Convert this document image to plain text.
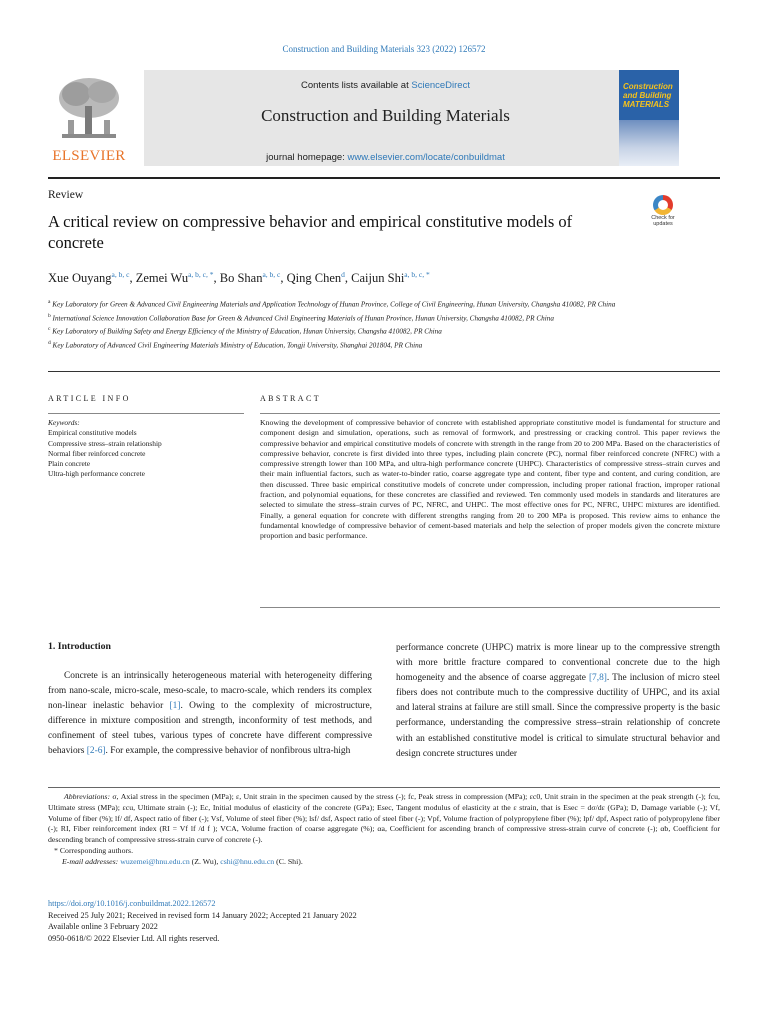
Construction and Building Materials 323 (2022) 126572
ELSEVIER
Contents lists available at ScienceDirect
Construction and Building Materials
journal homepage: www.elsevier.com/locate/conbuildmat
Construction
and Building
MATERIALS
Review
A critical review on compressive behavior and empirical constitutive models of concrete
Check for updates
Xue Ouyang$^{a, b, c}$, Zemei $Wu^{a, b, c, *}$, Bo Shan$^{a, b, c}$, Qing Chen$^d$, Caijun Shi$^{a, b, c, *}$
$^a$ Key Laboratory for Green & Advanced Civil Engineering Materials and Application Technology of Hunan Province, College of Civil Engineering, Hunan University, Changsha 410082, PR China
$^b$ International Science Innovation Collaboration Base for Green & Advanced Civil Engineering Materials of Hunan Province, Hunan University, Changsha 410082, PR China
$^c$ Key Laboratory of Building Safety and Energy Efficiency of the Ministry of Education, Hunan University, Changsha 410082, PR China
$^d$ Key Laboratory of Advanced Civil Engineering Materials Ministry of Education, Tongji University, Shanghai 201804, PR China
ARTICLE INFO	ABSTRACT
Keywords:
Empirical constitutive models
Compressive stress–strain relationship
Normal fiber reinforced concrete
Plain concrete
Ultra-high performance concrete
Knowing the development of compressive behavior of concrete with established appropriate constitutive model is fundamental for structure and component design and simulation, operations, such as removal of formwork, and prestressing or cracking control. This paper reviews the compressive behavior and empirical constitutive models of concrete with strength in the range from 20 to 200 MPa. Based on the characteristics of compressive behavior, concrete is first divided into three types, including plain concrete (PC), normal fiber reinforced concrete (NFRC) with a compressive strength lower than 100 MPa, and ultra-high performance concrete (UHPC). Characteristics of compressive stress–strain curves and their main influential factors, such as water-to-binder ratio, coarse aggregate type and content, fiber type and content, and curing condition, are then discussed. Three basic empirical constitutive models of concrete under compression, including proper rational fraction, improper rational fraction, and polynomial equations, for these concretes are classified and reviewed. Ten commonly used models in standards and literatures are selected to simulate the stress–strain curves of PC, NFRC, and UHPC. The most effective ones for PC, NFRC, UHPC mixtures are identified. Finally, a general equation for concrete with different strengths ranging from 20 to 200 MPa is proposed. This review aims to enhance the fundamental knowledge of compressive behavior of cement-based materials and help the selection of proper models given the concrete mixture proportion and basic performance.
1. Introduction
Concrete is an intrinsically heterogeneous material with heterogeneity differing from nano-scale, micro-scale, meso-scale, to macro-scale, which renders its complex non-linear inelastic behavior [1]. Owing to the complexity of microstructure, difference in mixture composition and strength, inconformity of test methods, and confinement of steel tubes, various types of concrete have different compressive behaviors [2-6]. For example, the compressive behavior of nonfibrous ultra-high
performance concrete (UHPC) matrix is more linear up to the compressive strength with more brittle fracture compared to conventional concrete due to the high homogeneity and the absence of coarse aggregate [7,8]. The inclusion of micro steel fibers does not contribute much to the compressive ductility of UHPC, and its axial and lateral strains at failure are still small. Since the compressive property is the basic performance, understanding the compressive stress–strain relationship of concrete with an established constitutive model is critical to simulate structural behavior and design concrete structures under

Abbreviations: σ, Axial stress in the specimen (MPa); ε, Unit strain in the specimen caused by the stress (-); fc, Peak stress in compression (MPa); εc0, Unit strain in the specimen at the peak strength (-); fcu, Ultimate stress (MPa); εcu, Ultimate strain (-); Ec, Initial modulus of elasticity of the concrete (GPa); Esec, Tangent modulus of elasticity at the ε strain, that is Esec = dσ/dε (GPa); D, Damage variable (-); Vf, Volume of fiber (%); lf/ df, Aspect ratio of fiber (-); Vsf, Volume of steel fiber (%); lsf/ dsf, Aspect ratio of steel fiber (-); Vpf, Volume fraction of polypropylene fiber (%); lpf/ dpf, Aspect ratio of polypropylene fiber (-); RI, Fiber reinforcement index (RI = Vf lf /d f ); VCA, Volume fraction of coarse aggregate (%); αa, Coefficient for ascending branch of compressive stress-strain curve of concrete (-); αb, Coefficient for descending branch of compressive stress-strain curve of concrete (-).

* Corresponding authors.

E-mail addresses: wuzemei@hnu.edu.cn (Z. Wu), cshi@hnu.edu.cn (C. Shi).

https://doi.org/10.1016/j.conbuildmat.2022.126572
Received 25 July 2021; Received in revised form 14 January 2022; Accepted 21 January 2022
Available online 3 February 2022
0950-0618/© 2022 Elsevier Ltd. All rights reserved.
